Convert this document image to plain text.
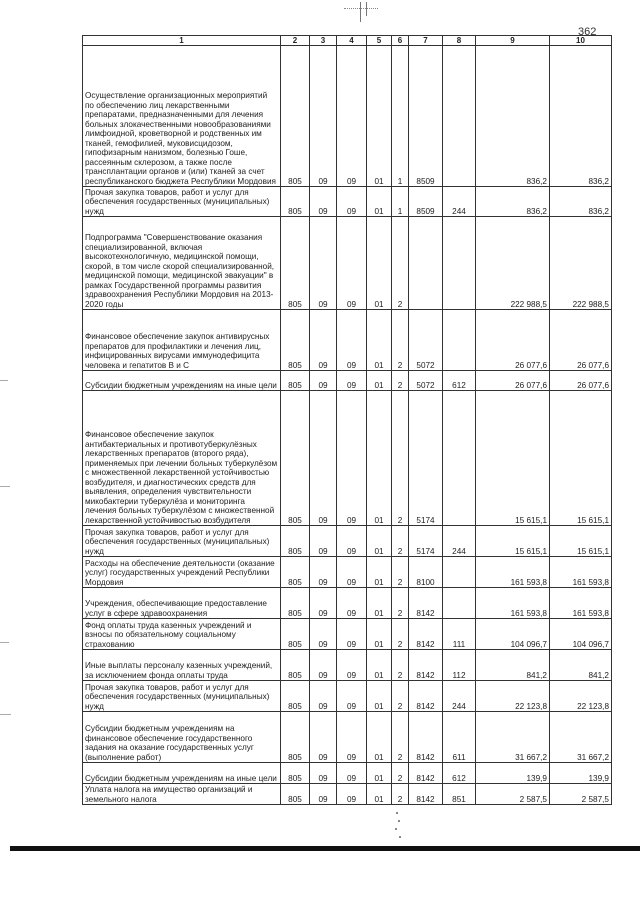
362
1	2	3	4	5	6	7	8	9	10
Осуществление организационных мероприятий по обеспечению лиц лекарственными препаратами, предназначенными для лечения больных злокачественными новообразованиями лимфоидной, кроветворной и родственных им тканей, гемофилией, муковисцидозом, гипофизарным нанизмом, болезнью Гоше, рассеянным склерозом, а также после трансплантации органов и (или) тканей за счет республиканского бюджета Республики Мордовия	805	09	09	01	1	8509		836,2	836,2
Прочая закупка товаров, работ и услуг для обеспечения государственных (муниципальных) нужд	805	09	09	01	1	8509	244	836,2	836,2
Подпрограмма "Совершенствование оказания специализированной, включая высокотехнологичную, медицинской помощи, скорой, в том числе скорой специализированной, медицинской помощи, медицинской эвакуации" в рамках Государственной программы развития здравоохранения Республики Мордовия на 2013-2020 годы	805	09	09	01	2			222 988,5	222 988,5
Финансовое обеспечение закупок антивирусных препаратов для профилактики и лечения лиц, инфицированных вирусами иммунодефицита человека и гепатитов В и С	805	09	09	01	2	5072		26 077,6	26 077,6
Субсидии бюджетным учреждениям на иные цели	805	09	09	01	2	5072	612	26 077,6	26 077,6
Финансовое обеспечение закупок антибактериальных и противотуберкулёзных лекарственных препаратов (второго ряда), применяемых при лечении больных туберкулёзом с множественной лекарственной устойчивостью возбудителя, и диагностических средств для выявления, определения чувствительности микобактерии туберкулёза и мониторинга лечения больных туберкулёзом с множественной лекарственной устойчивостью возбудителя	805	09	09	01	2	5174		15 615,1	15 615,1
Прочая закупка товаров, работ и услуг для обеспечения государственных (муниципальных) нужд	805	09	09	01	2	5174	244	15 615,1	15 615,1
Расходы на обеспечение деятельности (оказание услуг) государственных учреждений Республики Мордовия	805	09	09	01	2	8100		161 593,8	161 593,8
Учреждения, обеспечивающие предоставление услуг в сфере здравоохранения	805	09	09	01	2	8142		161 593,8	161 593,8
Фонд оплаты труда казенных учреждений и взносы по обязательному социальному страхованию	805	09	09	01	2	8142	111	104 096,7	104 096,7
Иные выплаты персоналу казенных учреждений, за исключением фонда оплаты труда	805	09	09	01	2	8142	112	841,2	841,2
Прочая закупка товаров, работ и услуг для обеспечения государственных (муниципальных) нужд	805	09	09	01	2	8142	244	22 123,8	22 123,8
Субсидии бюджетным учреждениям на финансовое обеспечение государственного задания на оказание государственных услуг (выполнение работ)	805	09	09	01	2	8142	611	31 667,2	31 667,2
Субсидии бюджетным учреждениям на иные цели	805	09	09	01	2	8142	612	139,9	139,9
Уплата налога на имущество организаций и земельного налога	805	09	09	01	2	8142	851	2 587,5	2 587,5
